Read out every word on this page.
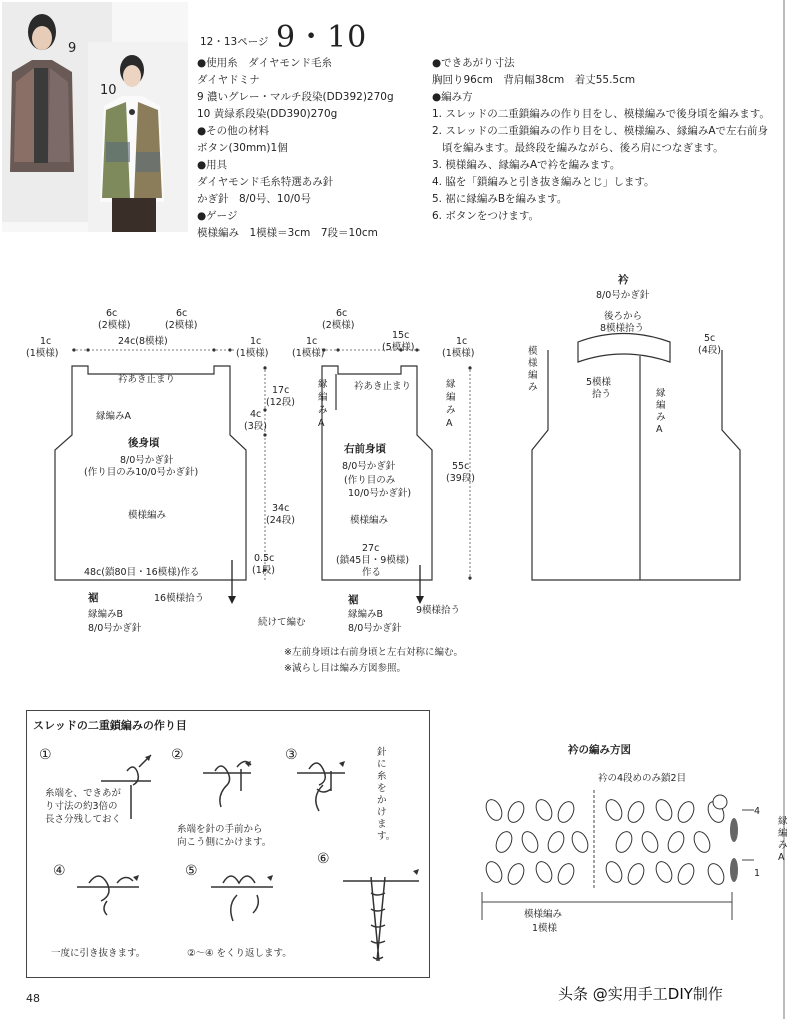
9
10
12・13ページ 9・10
●使用糸　ダイヤモンド毛糸
ダイヤドミナ
9 濃いグレー・マルチ段染(DD392)270g
10 黄緑系段染(DD390)270g
●その他の材料
ボタン(30mm)1個
●用具
ダイヤモンド毛糸特選あみ針
かぎ針　8/0号、10/0号
●ゲージ
模様編み　1模様＝3cm　7段＝10cm
●できあがり寸法
胸回り96cm　背肩幅38cm　着丈55.5cm
●編み方
1. スレッドの二重鎖編みの作り目をし、模様編みで後身頃を編みます。
2. スレッドの二重鎖編みの作り目をし、模様編み、縁編みAで左右前身
頃を編みます。最終段を編みながら、後ろ肩につなぎます。
3. 模様編み、縁編みAで衿を編みます。
4. 脇を「鎖編みと引き抜き編みとじ」します。
5. 裾に縁編みBを編みます。
6. ボタンをつけます。
6c
(2模様)
6c
(2模様)
24c(8模様)
1c
(1模様)
1c
(1模様)
衿あき止まり
縁編みA
後身頃
8/0号かぎ針
(作り目のみ10/0号かぎ針)
模様編み
48c(鎖80目・16模様)作る
裾
縁編みB
8/0号かぎ針
16模様拾う
続けて編む
17c
(12段)
4c
(3段)
34c
(24段)
0.5c
(1段)
55c
(39段)
6c
(2模様)
15c
(5模様)
1c
(1模様)
1c
(1模様)
衿あき止まり
縁
編
み
A
縁
編
み
A
右前身頃
8/0号かぎ針
(作り目のみ
10/0号かぎ針)
模様編み
27c
(鎖45目・9模様)
作る
裾
縁編みB
8/0号かぎ針
9模様拾う
※左前身頃は右前身頃と左右対称に編む。
※減らし目は編み方図参照。
衿
8/0号かぎ針
後ろから
8模様拾う
5c
(4段)
5模様
拾う
模様編み
縁編みA
スレッドの二重鎖編みの作り目
①
糸端を、できあが
り寸法の約3倍の
長さ分残しておく
②
糸端を針の手前から
向こう側にかけます。
③	針に糸をかけます。
④
一度に引き抜きます。
⑤
②〜④ をくり返します。
⑥
衿の編み方図
衿の4段めのみ鎖2目
縁
編
み
A
4
1
模様編み
1模様
48	头条 @实用手工DIY制作
